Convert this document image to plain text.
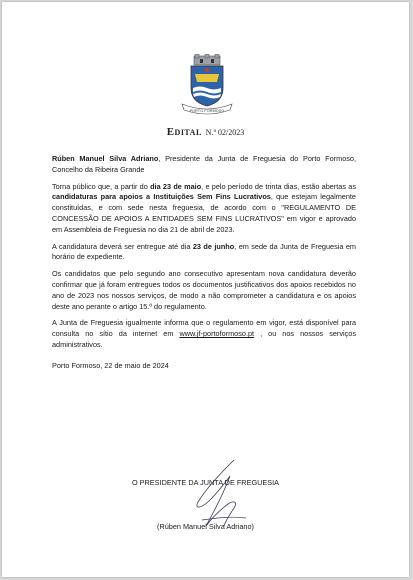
PORTO FORMOSO
Edital N.º 02/2023

Rúben Manuel Silva Adriano, Presidente da Junta de Freguesia do Porto Formoso, Concelho da Ribeira Grande

Torna público que, a partir do dia 23 de maio, e pelo período de trinta dias, estão abertas as candidaturas para apoios a Instituições Sem Fins Lucrativos, que estejam legalmente constituídas, e com sede nesta freguesia, de acordo com o "REGULAMENTO DE CONCESSÃO DE APOIOS A ENTIDADES SEM FINS LUCRATIVOS" em vigor e aprovado em Assembleia de Freguesia no dia 21 de abril de 2023.

A candidatura deverá ser entregue até dia 23 de junho, em sede da Junta de Freguesia em horário de expediente.

Os candidatos que pelo segundo ano consecutivo apresentam nova candidatura deverão confirmar que já foram entregues todos os documentos justificativos dos apoios recebidos no ano de 2023 nos nossos serviços, de modo a não comprometer a candidatura e os apoios deste ano perante o artigo 15.º do regulamento.

A Junta de Freguesia igualmente informa que o regulamento em vigor, está disponível para consulta no sítio da internet em www.jf-portoformoso.pt , ou nos nossos serviços administrativos.

Porto Formoso, 22 de maio de 2024

O PRESIDENTE DA JUNTA DE FREGUESIA
(Rúben Manuel Silva Adriano)
